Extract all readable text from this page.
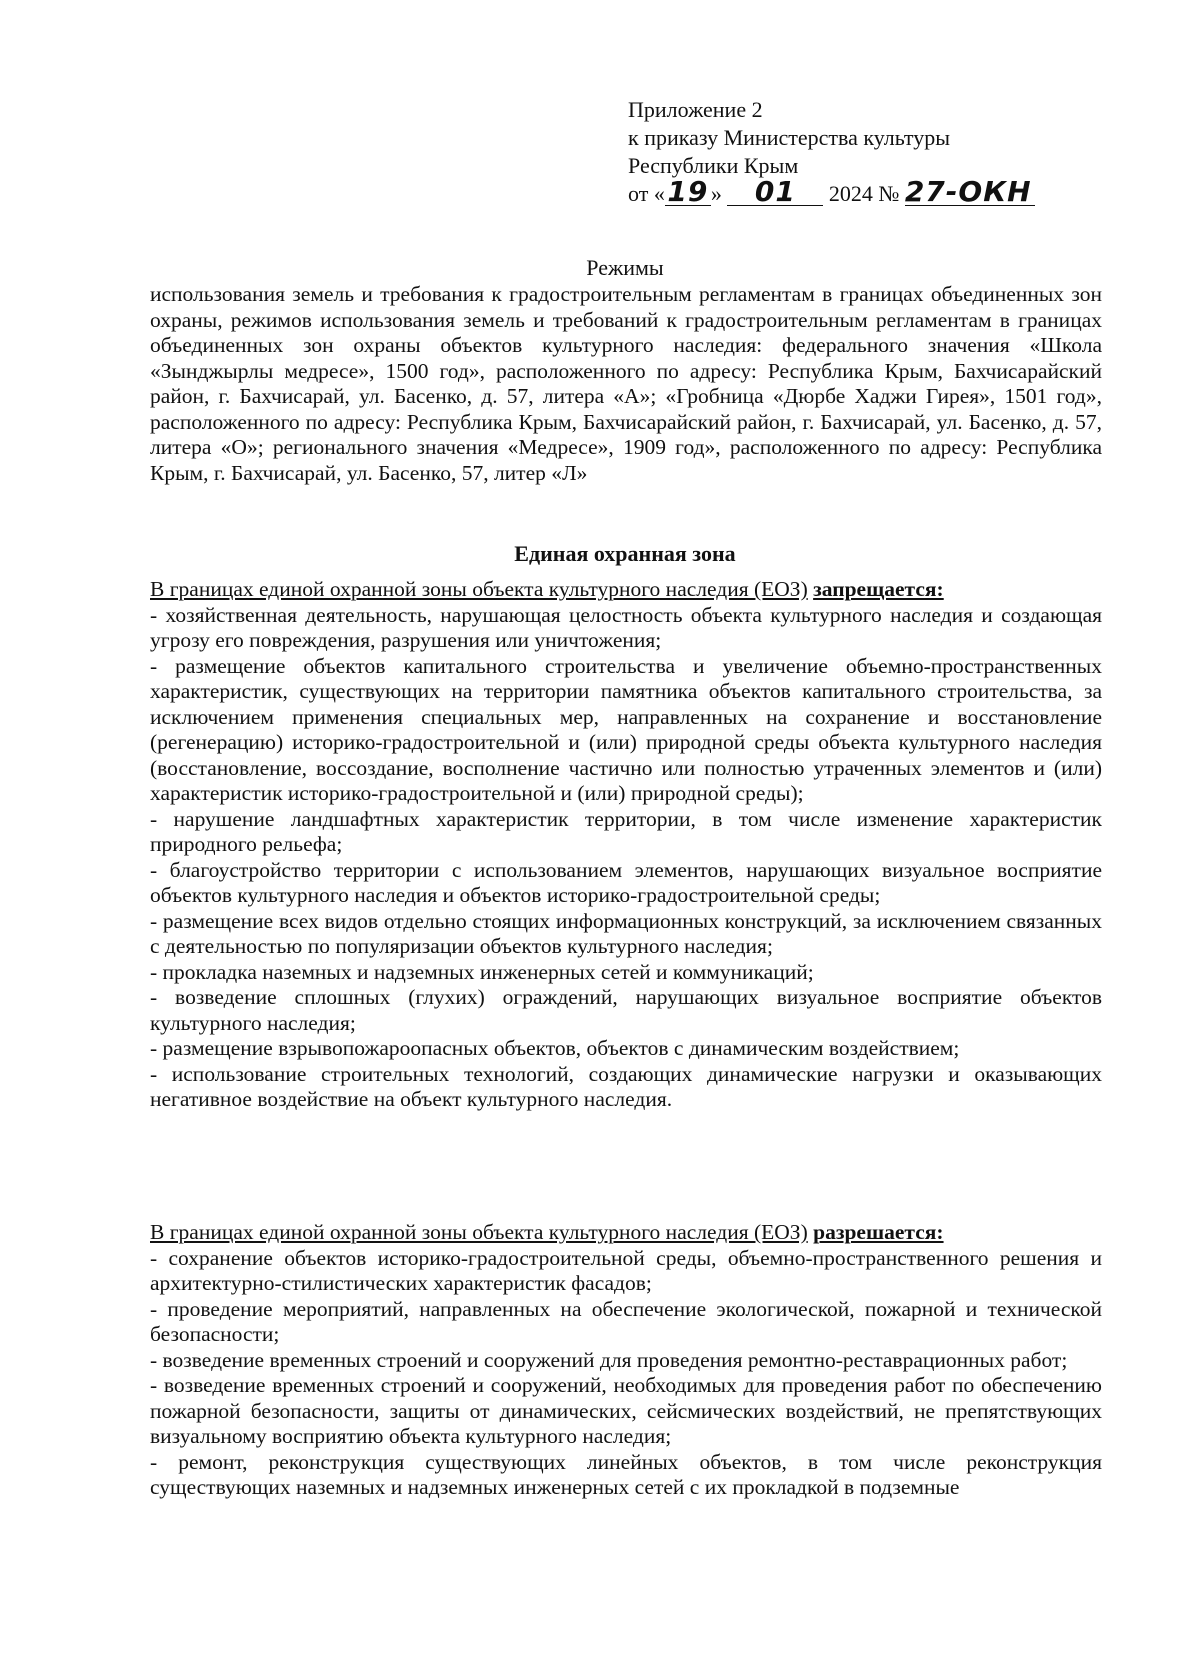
Приложение 2
к приказу Министерства культуры
Республики Крым
от «19 » 01 2024 № 27-ОКН
Режимы
использования земель и требования к градостроительным регламентам в границах объединенных зон охраны, режимов использования земель и требований к градостроительным регламентам в границах объединенных зон охраны объектов культурного наследия: федерального значения «Школа «Зынджырлы медресе», 1500 год», расположенного по адресу: Республика Крым, Бахчисарайский район, г. Бахчисарай, ул. Басенко, д. 57, литера «А»; «Гробница «Дюрбе Хаджи Гирея», 1501 год», расположенного по адресу: Республика Крым, Бахчисарайский район, г. Бахчисарай, ул. Басенко, д. 57, литера «О»; регионального значения «Медресе», 1909 год», расположенного по адресу: Республика Крым, г. Бахчисарай, ул. Басенко, 57, литер «Л»
Единая охранная зона

В границах единой охранной зоны объекта культурного наследия (ЕОЗ) запрещается:

- хозяйственная деятельность, нарушающая целостность объекта культурного наследия и создающая угрозу его повреждения, разрушения или уничтожения;

- размещение объектов капитального строительства и увеличение объемно-пространственных характеристик, существующих на территории памятника объектов капитального строительства, за исключением применения специальных мер, направленных на сохранение и восстановление (регенерацию) историко-градостроительной и (или) природной среды объекта культурного наследия (восстановление, воссоздание, восполнение частично или полностью утраченных элементов и (или) характеристик историко-градостроительной и (или) природной среды);

- нарушение ландшафтных характеристик территории, в том числе изменение характеристик природного рельефа;

- благоустройство территории с использованием элементов, нарушающих визуальное восприятие объектов культурного наследия и объектов историко-градостроительной среды;

- размещение всех видов отдельно стоящих информационных конструкций, за исключением связанных с деятельностью по популяризации объектов культурного наследия;

- прокладка наземных и надземных инженерных сетей и коммуникаций;

- возведение сплошных (глухих) ограждений, нарушающих визуальное восприятие объектов культурного наследия;

- размещение взрывопожароопасных объектов, объектов с динамическим воздействием;

- использование строительных технологий, создающих динамические нагрузки и оказывающих негативное воздействие на объект культурного наследия.

В границах единой охранной зоны объекта культурного наследия (ЕОЗ) разрешается:

- сохранение объектов историко-градостроительной среды, объемно-пространственного решения и архитектурно-стилистических характеристик фасадов;

- проведение мероприятий, направленных на обеспечение экологической, пожарной и технической безопасности;

- возведение временных строений и сооружений для проведения ремонтно-реставрационных работ;

- возведение временных строений и сооружений, необходимых для проведения работ по обеспечению пожарной безопасности, защиты от динамических, сейсмических воздействий, не препятствующих визуальному восприятию объекта культурного наследия;

- ремонт, реконструкция существующих линейных объектов, в том числе реконструкция существующих наземных и надземных инженерных сетей с их прокладкой в подземные
